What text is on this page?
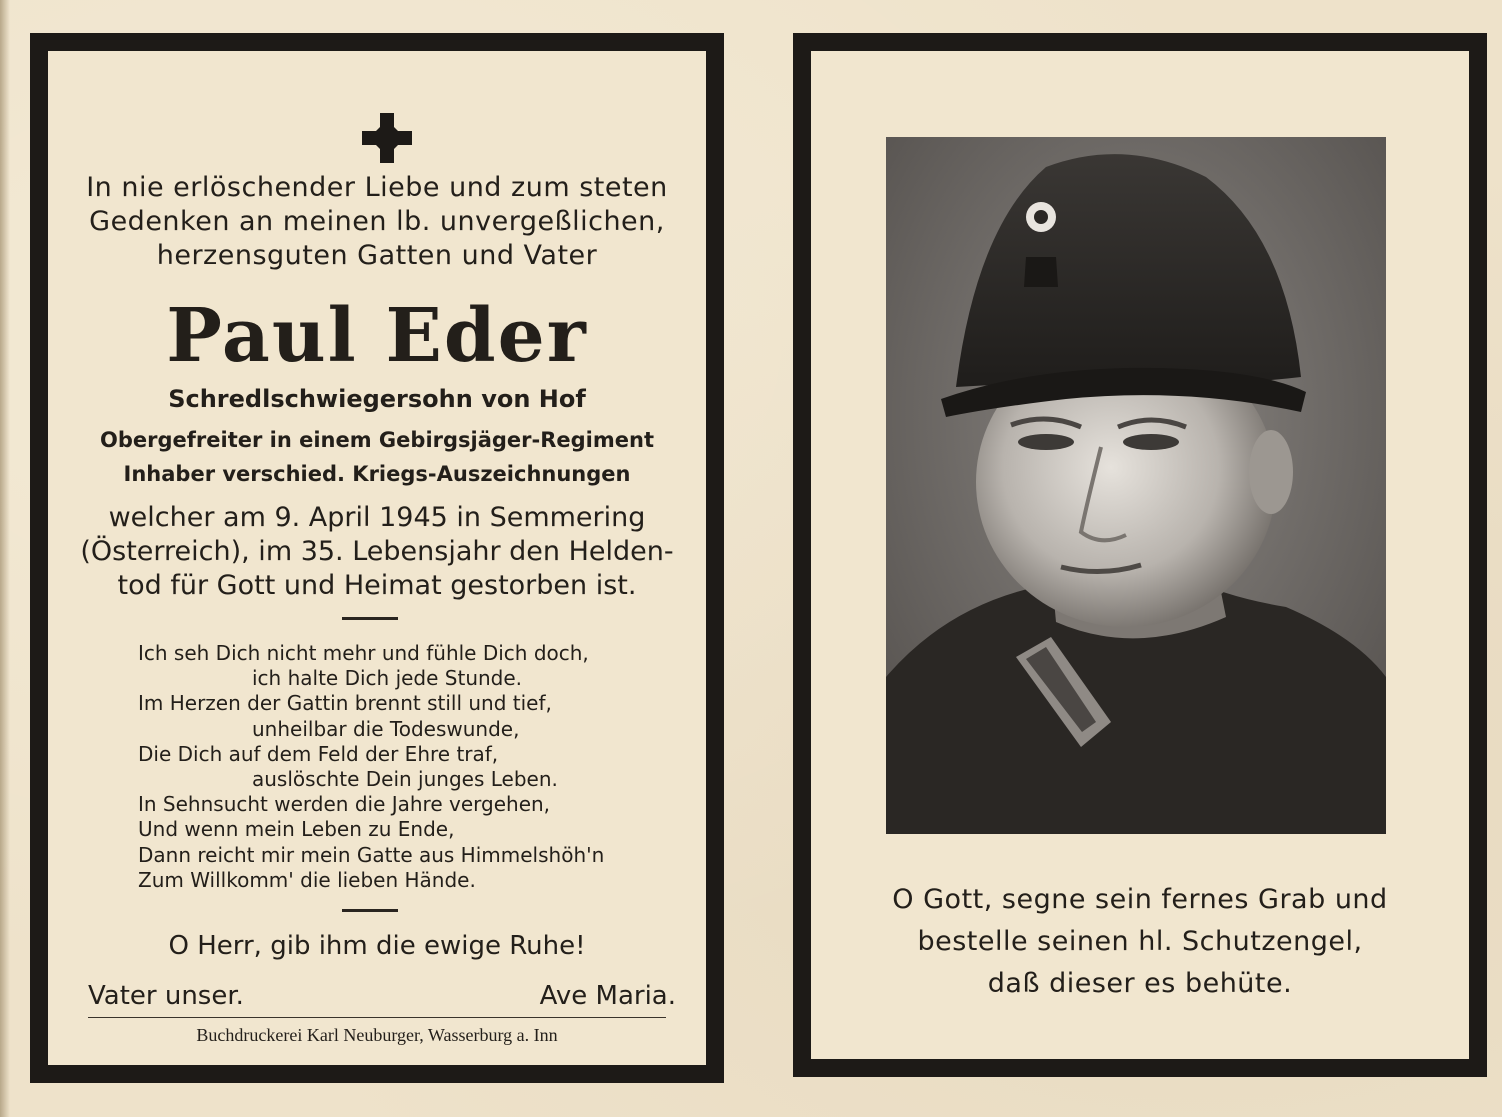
In nie erlöschender Liebe und zum steten
Gedenken an meinen lb. unvergeßlichen,
herzensguten Gatten und Vater
Paul Eder
Schredlschwiegersohn von Hof
Obergefreiter in einem Gebirgsjäger-Regiment
Inhaber verschied. Kriegs-Auszeichnungen
welcher am 9. April 1945 in Semmering
(Österreich), im 35. Lebensjahr den Helden-
tod für Gott und Heimat gestorben ist.
Ich seh Dich nicht mehr und fühle Dich doch,
ich halte Dich jede Stunde.
Im Herzen der Gattin brennt still und tief,
unheilbar die Todeswunde,
Die Dich auf dem Feld der Ehre traf,
auslöschte Dein junges Leben.
In Sehnsucht werden die Jahre vergehen,
Und wenn mein Leben zu Ende,
Dann reicht mir mein Gatte aus Himmelshöh'n
Zum Willkomm' die lieben Hände.
O Herr, gib ihm die ewige Ruhe!
Vater unser.	Ave Maria.
Buchdruckerei Karl Neuburger, Wasserburg a. Inn
O Gott, segne sein fernes Grab und
bestelle seinen hl. Schutzengel,
daß dieser es behüte.
